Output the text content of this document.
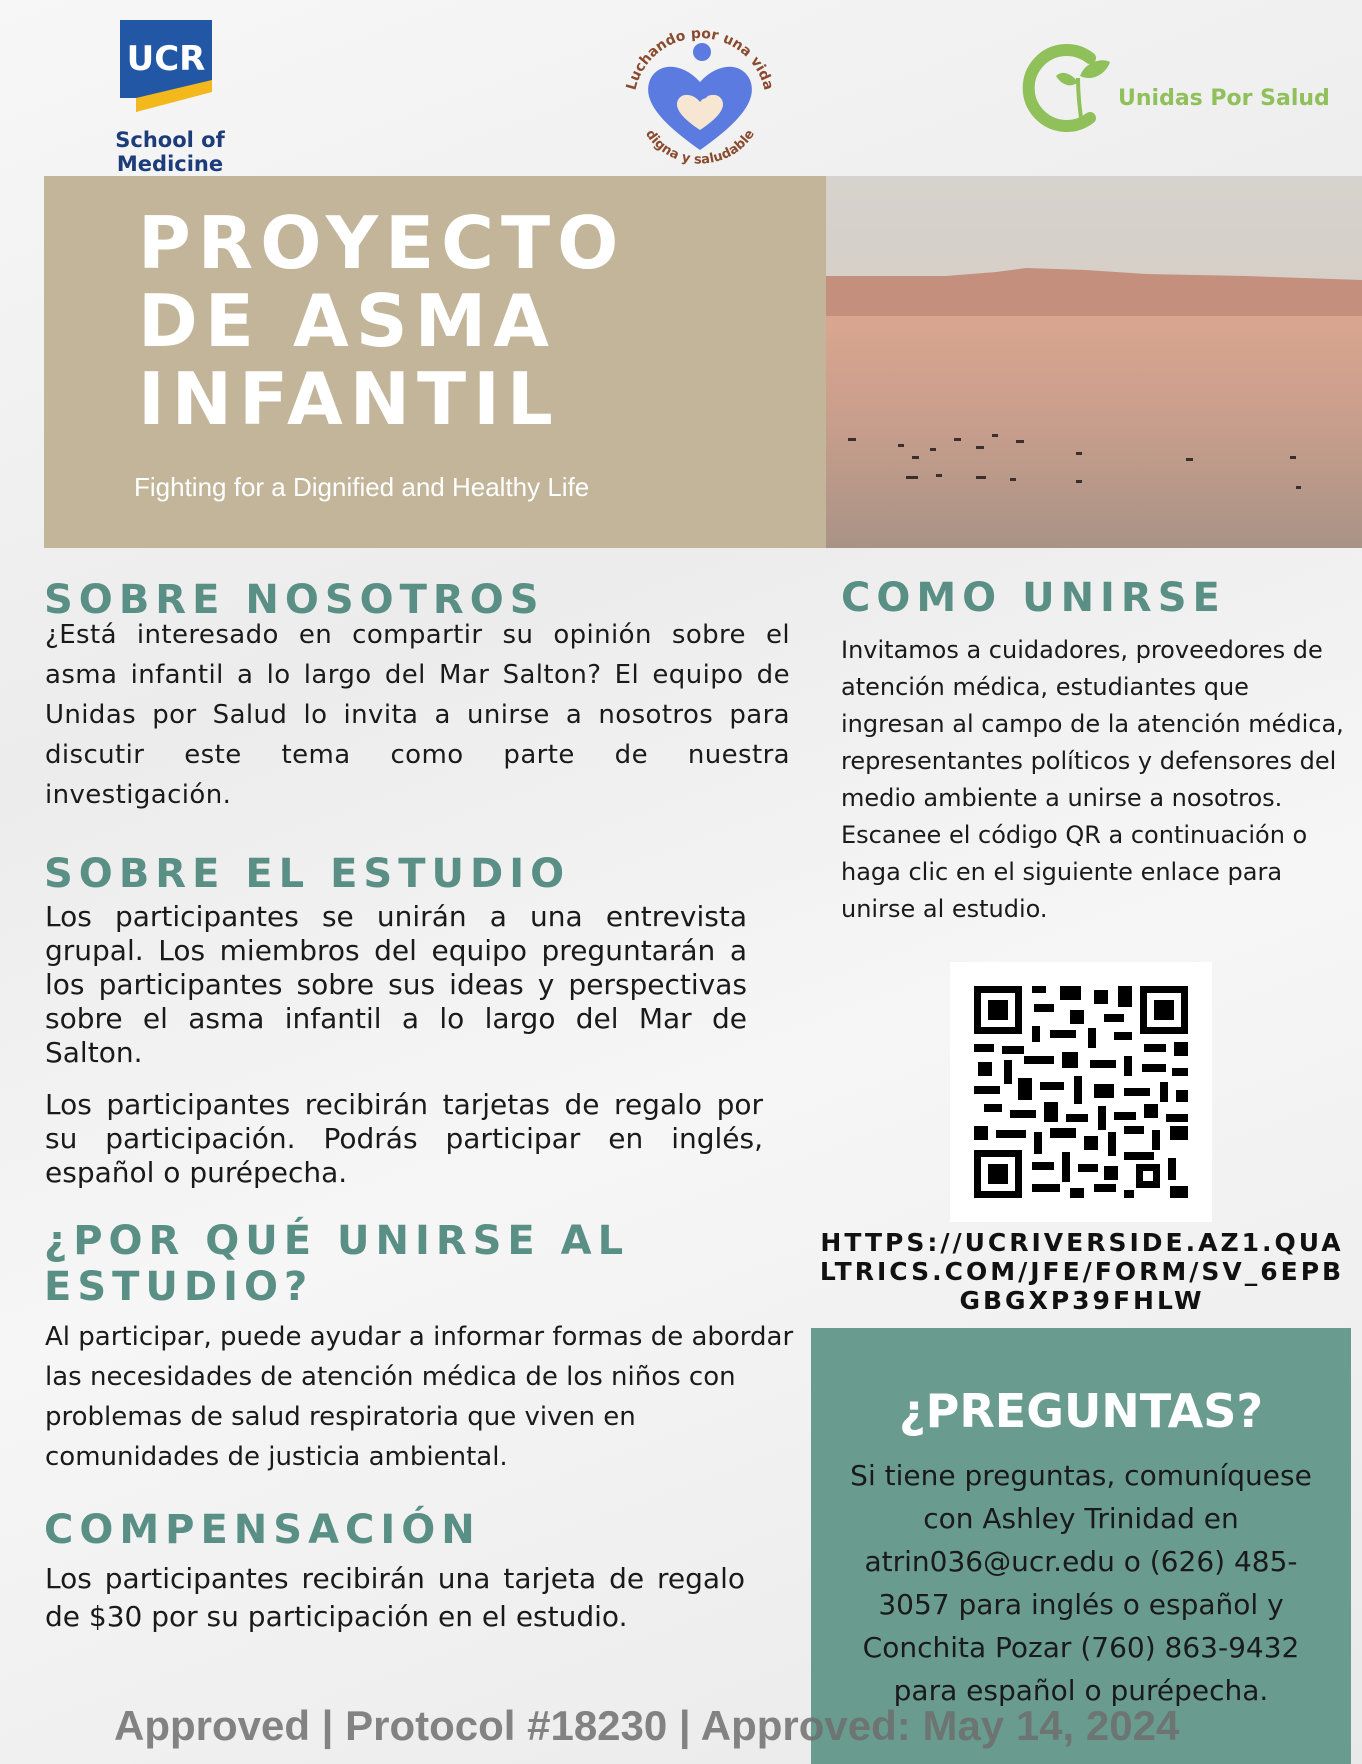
UCR
School of Medicine
Luchando por una vida
digna y saludable
Unidas Por Salud
PROYECTO
DE ASMA
INFANTIL
Fighting for a Dignified and Healthy Life
SOBRE NOSOTROS

¿Está interesado en compartir su opinión sobre el asma infantil a lo largo del Mar Salton? El equipo de Unidas por Salud lo invita a unirse a nosotros para discutir este tema como parte de nuestra investigación.

SOBRE EL ESTUDIO

Los participantes se unirán a una entrevista grupal. Los miembros del equipo preguntarán a los participantes sobre sus ideas y perspectivas sobre el asma infantil a lo largo del Mar de Salton.

Los participantes recibirán tarjetas de regalo por su participación. Podrás participar en inglés, español o purépecha.

¿POR QUÉ UNIRSE AL ESTUDIO?

Al participar, puede ayudar a informar formas de abordar las necesidades de atención médica de los niños con problemas de salud respiratoria que viven en comunidades de justicia ambiental.

COMPENSACIÓN

Los participantes recibirán una tarjeta de regalo de $30 por su participación en el estudio.

COMO UNIRSE

Invitamos a cuidadores, proveedores de atención médica, estudiantes que ingresan al campo de la atención médica, representantes políticos y defensores del medio ambiente a unirse a nosotros. Escanee el código QR a continuación o haga clic en el siguiente enlace para unirse al estudio.

HTTPS://UCRIVERSIDE.AZ1.QUALTRICS.COM/JFE/FORM/SV_6EPBGBGXP39FHLW

¿PREGUNTAS?

Si tiene preguntas, comuníquese con Ashley Trinidad en atrin036@ucr.edu o (626) 485-3057 para inglés o español y Conchita Pozar (760) 863-9432 para español o purépecha.

Approved | Protocol #18230 | Approved: May 14, 2024
